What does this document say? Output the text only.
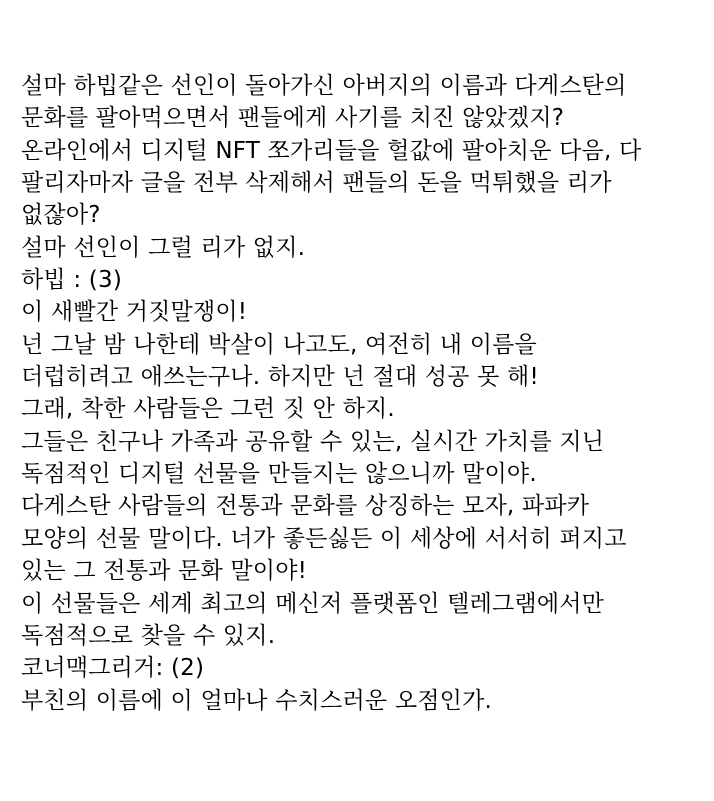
설마 하빕같은 선인이 돌아가신 아버지의 이름과 다게스탄의
문화를 팔아먹으면서 팬들에게 사기를 치진 않았겠지?
온라인에서 디지털 NFT 쪼가리들을 헐값에 팔아치운 다음, 다
팔리자마자 글을 전부 삭제해서 팬들의 돈을 먹튀했을 리가
없잖아?
설마 선인이 그럴 리가 없지.
하빕 : (3)
이 새빨간 거짓말쟁이!
넌 그날 밤 나한테 박살이 나고도, 여전히 내 이름을
더럽히려고 애쓰는구나. 하지만 넌 절대 성공 못 해!
그래, 착한 사람들은 그런 짓 안 하지.
그들은 친구나 가족과 공유할 수 있는, 실시간 가치를 지닌
독점적인 디지털 선물을 만들지는 않으니까 말이야.
다게스탄 사람들의 전통과 문화를 상징하는 모자, 파파카
모양의 선물 말이다. 너가 좋든싫든 이 세상에 서서히 퍼지고
있는 그 전통과 문화 말이야!
이 선물들은 세계 최고의 메신저 플랫폼인 텔레그램에서만
독점적으로 찾을 수 있지.
코너맥그리거: (2)
부친의 이름에 이 얼마나 수치스러운 오점인가.
